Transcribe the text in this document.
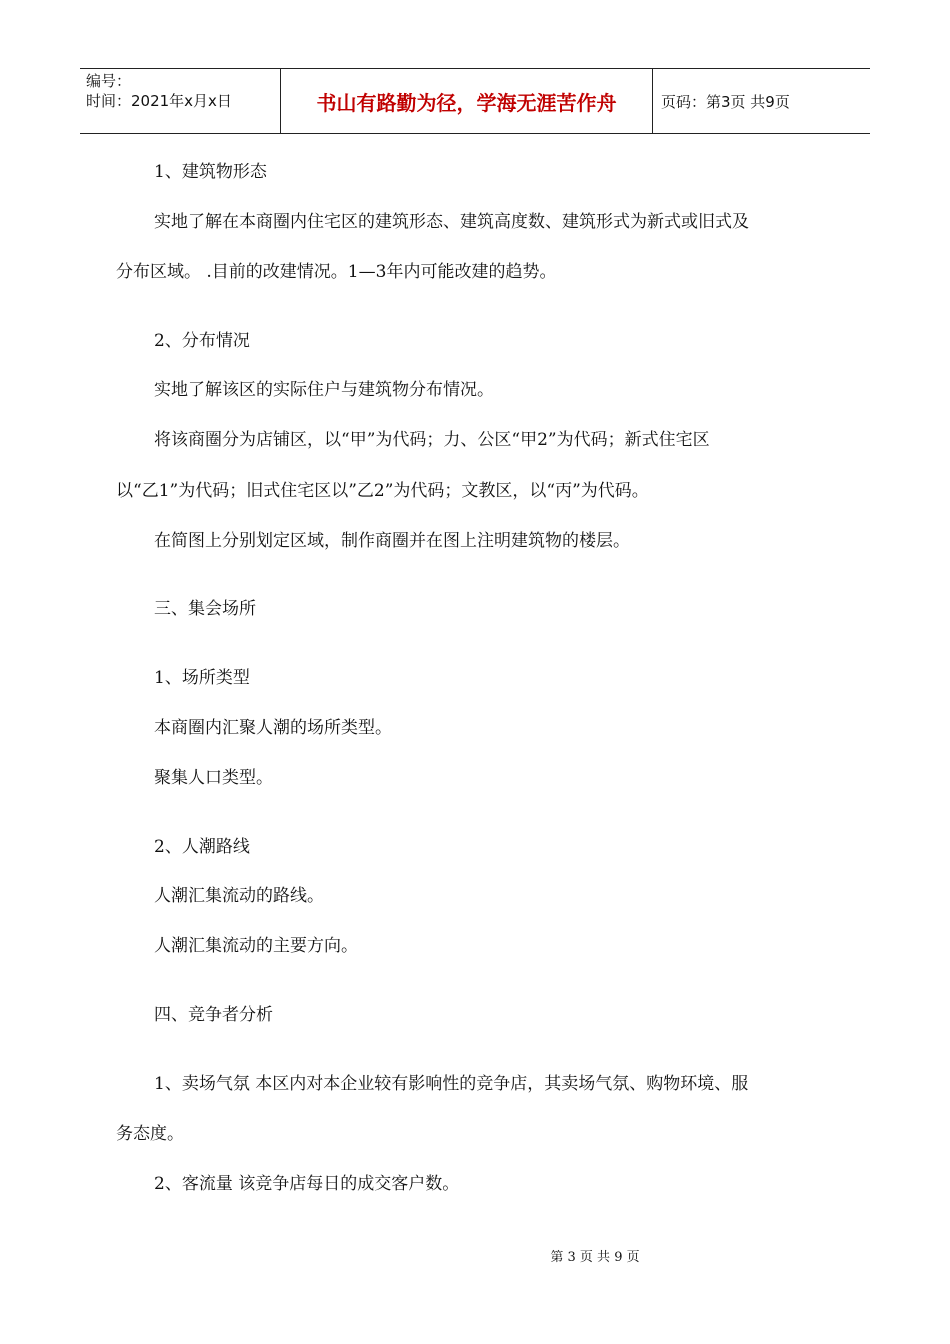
编号：
时间：2021年x月x日	书山有路勤为径，学海无涯苦作舟	页码：第3页 共9页
1、建筑物形态
实地了解在本商圈内住宅区的建筑形态、建筑高度数、建筑形式为新式或旧式及
分布区域。 .目前的改建情况。1—3年内可能改建的趋势。
2、分布情况
实地了解该区的实际住户与建筑物分布情况。
将该商圈分为店铺区，以“甲”为代码；力、公区“甲2”为代码；新式住宅区
以“乙1”为代码；旧式住宅区以”乙2”为代码；文教区，以“丙”为代码。
在简图上分别划定区域，制作商圈并在图上注明建筑物的楼层。
三、集会场所
1、场所类型
本商圈内汇聚人潮的场所类型。
聚集人口类型。
2、人潮路线
人潮汇集流动的路线。
人潮汇集流动的主要方向。
四、竞争者分析
1、卖场气氛 本区内对本企业较有影响性的竞争店，其卖场气氛、购物环境、服
务态度。
2、客流量 该竞争店每日的成交客户数。
第 3 页 共 9 页
